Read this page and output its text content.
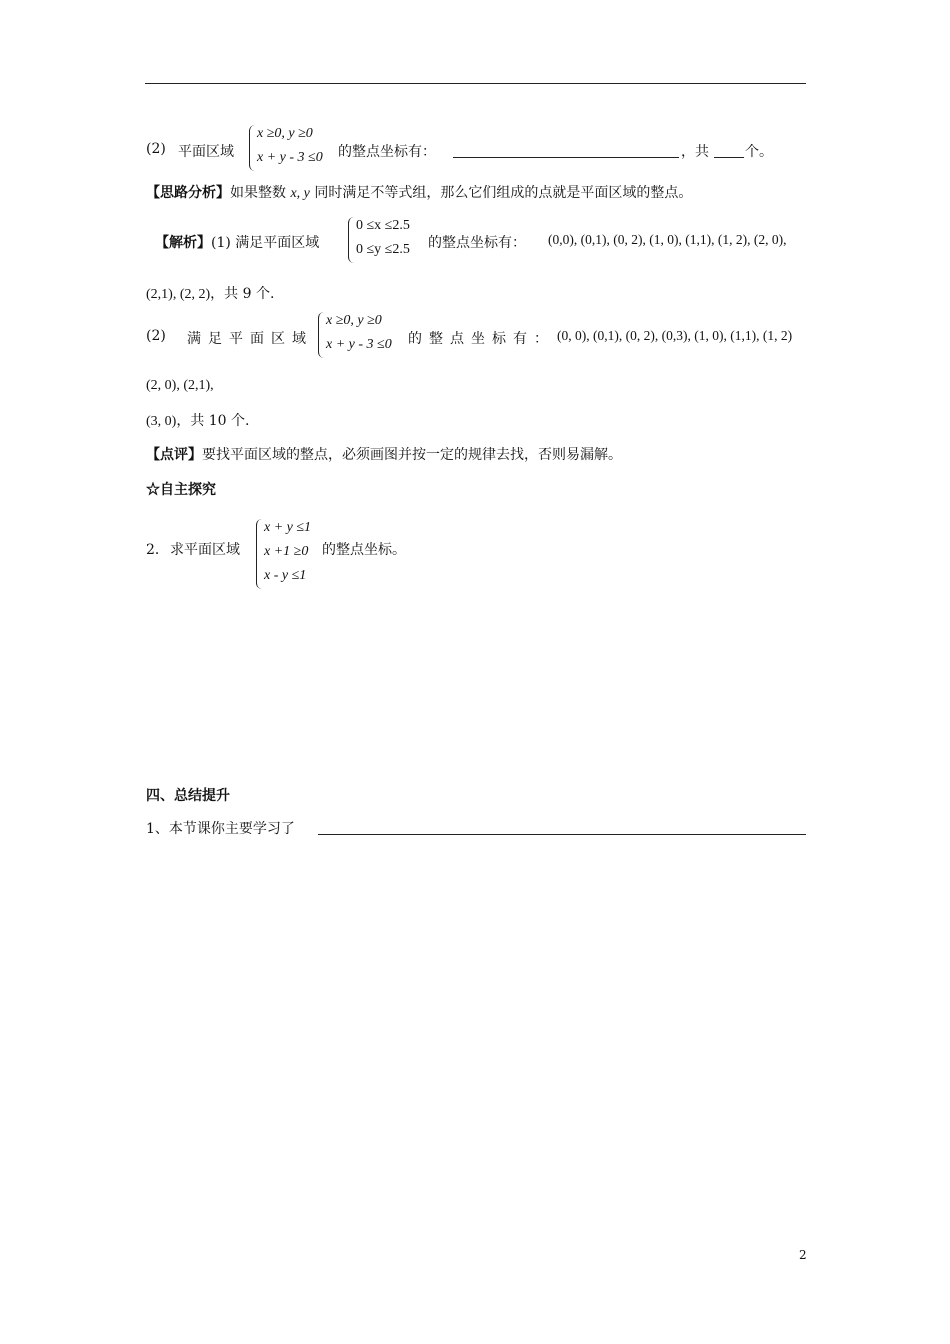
(2) 平面区域
x ≥0, y ≥0
x + y - 3 ≤0 的整点坐标有：	，共	个。
【思路分析】如果整数 x, y 同时满足不等式组，那么它们组成的点就是平面区域的整点。
【解析】(1) 满足平面区域
0 ≤x ≤2.5
0 ≤y ≤2.5 的整点坐标有： (0,0), (0,1), (0, 2), (1, 0), (1,1), (1, 2), (2, 0),
(2,1), (2, 2)，共 9 个.
(2) 满足平面区域
x ≥0, y ≥0
x + y - 3 ≤0 的整点坐标有： (0, 0), (0,1), (0, 2), (0,3), (1, 0), (1,1), (1, 2)
(2, 0), (2,1),
(3, 0)，共 10 个.
【点评】要找平面区域的整点，必须画图并按一定的规律去找，否则易漏解。
☆自主探究
2． 求平面区域
x + y ≤1
x +1 ≥0
x - y ≤1
的整点坐标。
四、总结提升
1、本节课你主要学习了
2
